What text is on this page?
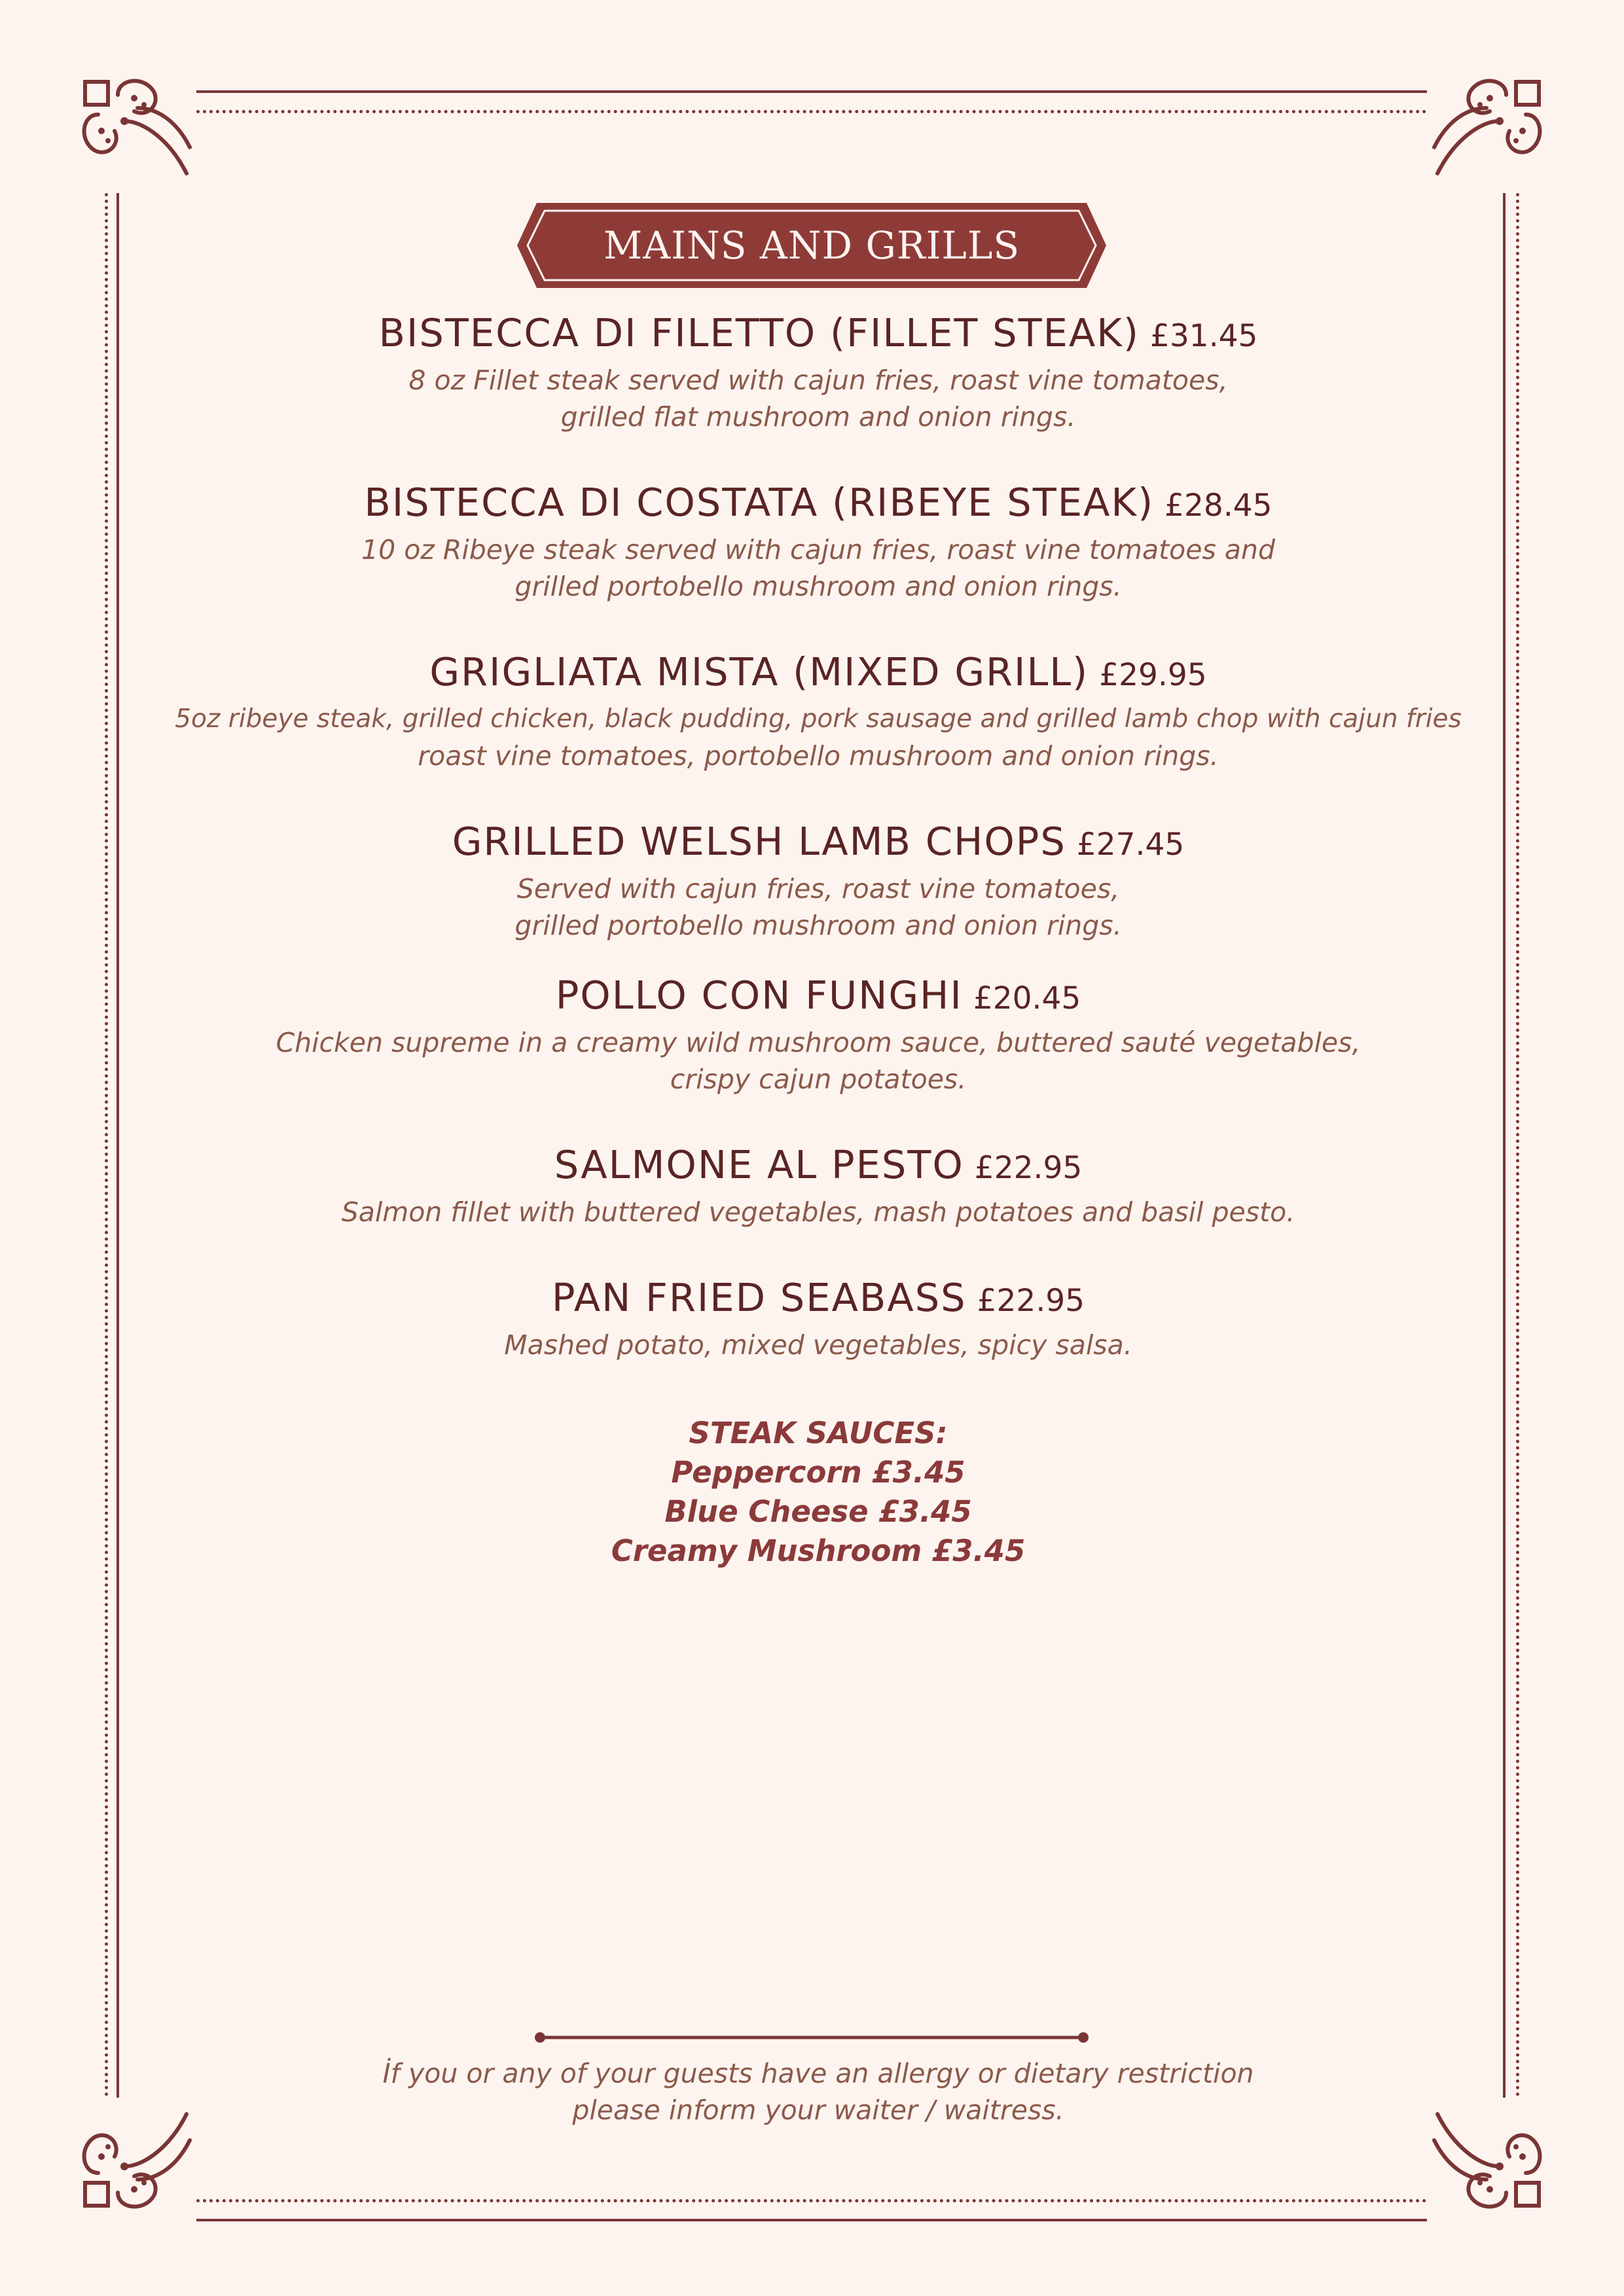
MAINS AND GRILLS
BISTECCA DI FILETTO (FILLET STEAK) £31.45
8 oz Fillet steak served with cajun fries, roast vine tomatoes,
grilled flat mushroom and onion rings.
BISTECCA DI COSTATA (RIBEYE STEAK) £28.45
10 oz Ribeye steak served with cajun fries, roast vine tomatoes and
grilled portobello mushroom and onion rings.
GRIGLIATA MISTA (MIXED GRILL) £29.95
5oz ribeye steak, grilled chicken, black pudding, pork sausage and grilled lamb chop with cajun fries
roast vine tomatoes, portobello mushroom and onion rings.
GRILLED WELSH LAMB CHOPS £27.45
Served with cajun fries, roast vine tomatoes,
grilled portobello mushroom and onion rings.
POLLO CON FUNGHI £20.45
Chicken supreme in a creamy wild mushroom sauce, buttered sauté vegetables,
crispy cajun potatoes.
SALMONE AL PESTO £22.95
Salmon fillet with buttered vegetables, mash potatoes and basil pesto.
PAN FRIED SEABASS £22.95
Mashed potato, mixed vegetables, spicy salsa.
STEAK SAUCES:
Peppercorn £3.45
Blue Cheese £3.45
Creamy Mushroom £3.45
İf you or any of your guests have an allergy or dietary restriction
please inform your waiter / waitress.
